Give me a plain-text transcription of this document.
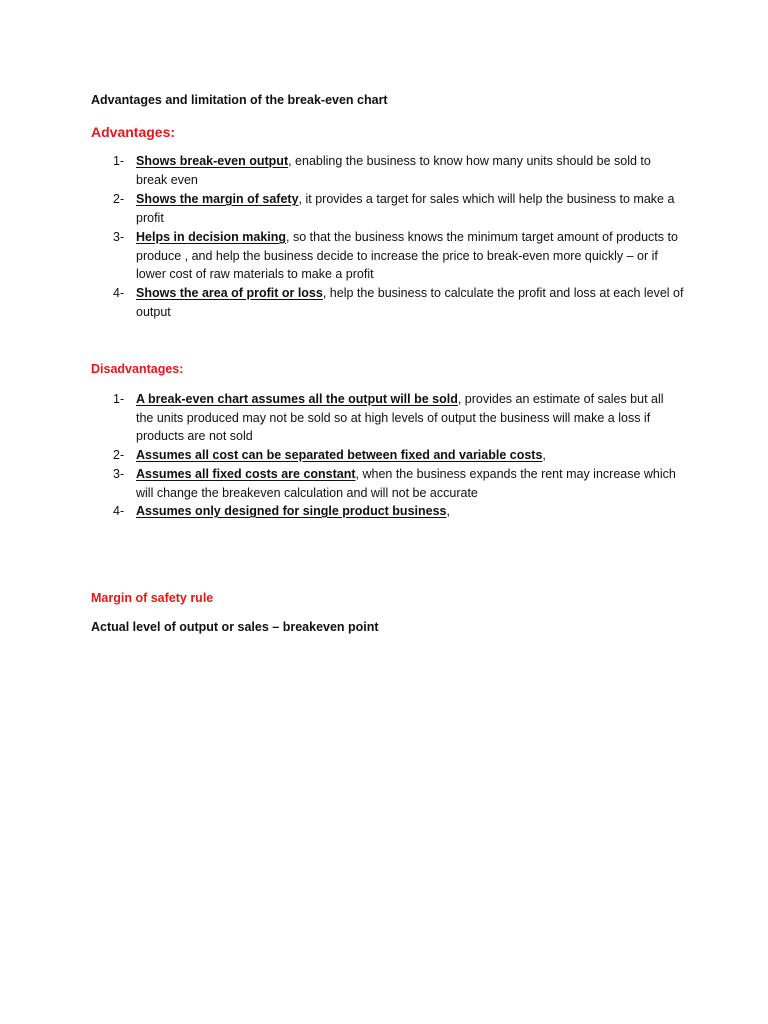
Advantages and limitation of the break-even chart
Advantages:
1- Shows break-even output, enabling the business to know how many units should be sold to break even
2- Shows the margin of safety, it provides a target for sales which will help the business to make a profit
3- Helps in decision making, so that the business knows the minimum target amount of products to produce , and help the business decide to increase the price to break-even more quickly – or if lower cost of raw materials to make a profit
4- Shows the area of profit or loss, help the business to calculate the profit and loss at each level of output
Disadvantages:
1- A break-even chart assumes all the output will be sold, provides an estimate of sales but all the units produced may not be sold so at high levels of output the business will make a loss if products are not sold
2- Assumes all cost can be separated between fixed and variable costs,
3- Assumes all fixed costs are constant, when the business expands the rent may increase which will change the breakeven calculation and will not be accurate
4- Assumes only designed for single product business,
Margin of safety rule
Actual level of output or sales – breakeven point
